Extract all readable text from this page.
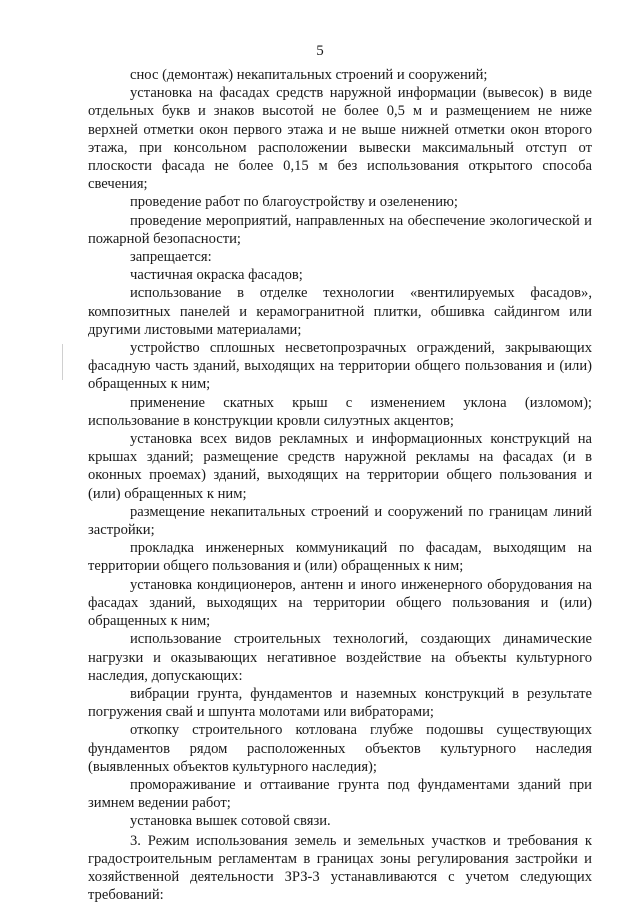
5

снос (демонтаж) некапитальных строений и сооружений;

установка на фасадах средств наружной информации (вывесок) в виде отдельных букв и знаков высотой не более 0,5 м и размещением не ниже верхней отметки окон первого этажа и не выше нижней отметки окон второго этажа, при консольном расположении вывески максимальный отступ от плоскости фасада не более 0,15 м без использования открытого способа свечения;

проведение работ по благоустройству и озеленению;

проведение мероприятий, направленных на обеспечение экологической и пожарной безопасности;

запрещается:

частичная окраска фасадов;

использование в отделке технологии «вентилируемых фасадов», композитных панелей и керамогранитной плитки, обшивка сайдингом или другими листовыми материалами;

устройство сплошных несветопрозрачных ограждений, закрывающих фасадную часть зданий, выходящих на территории общего пользования и (или) обращенных к ним;

применение скатных крыш с изменением уклона (изломом); использование в конструкции кровли силуэтных акцентов;

установка всех видов рекламных и информационных конструкций на крышах зданий; размещение средств наружной рекламы на фасадах (и в оконных проемах) зданий, выходящих на территории общего пользования и (или) обращенных к ним;

размещение некапитальных строений и сооружений по границам линий застройки;

прокладка инженерных коммуникаций по фасадам, выходящим на территории общего пользования и (или) обращенных к ним;

установка кондиционеров, антенн и иного инженерного оборудования на фасадах зданий, выходящих на территории общего пользования и (или) обращенных к ним;

использование строительных технологий, создающих динамические нагрузки и оказывающих негативное воздействие на объекты культурного наследия, допускающих:

вибрации грунта, фундаментов и наземных конструкций в результате погружения свай и шпунта молотами или вибраторами;

откопку строительного котлована глубже подошвы существующих фундаментов рядом расположенных объектов культурного наследия (выявленных объектов культурного наследия);

промораживание и оттаивание грунта под фундаментами зданий при зимнем ведении работ;

установка вышек сотовой связи.

3. Режим использования земель и земельных участков и требования к градостроительным регламентам в границах зоны регулирования застройки и хозяйственной деятельности ЗРЗ-3 устанавливаются с учетом следующих требований:
